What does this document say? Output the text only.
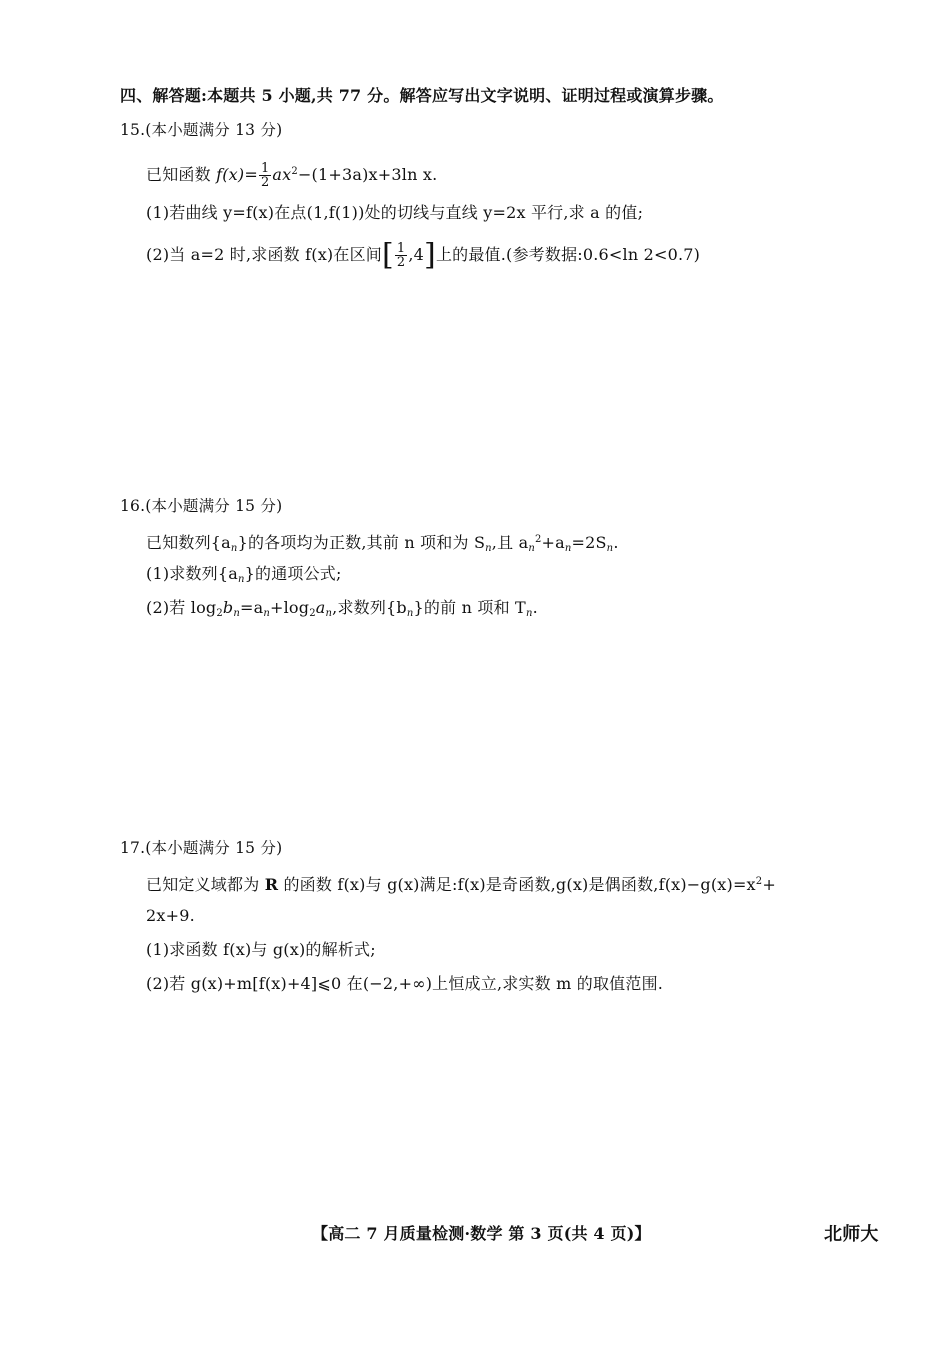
四、解答题:本题共 5 小题,共 77 分。解答应写出文字说明、证明过程或演算步骤。
15.(本小题满分 13 分)
已知函数 $f(x)= \frac{1}{2} ax^2-(1+3a)x+3\ln$ x.
(1)若曲线 y=f(x)在点(1,f(1))处的切线与直线 y=2x 平行,求 a 的值;
(2)当 a=2 时,求函数 f(x)在区间[ $\frac{1}{2} ,4$]上的最值.(参考数据:0.6<ln 2<0.7)
16.(本小题满分 15 分)
已知数列$\{a_n\}$的各项均为正数,其前 n 项和为 $S_n$,且 $a_n^2+a_n=2S_n$.
(1)求数列$\{a_n\}$的通项公式;
(2)若 $\log_2b_n=a_n+\log_2a_n$,求数列$\{b_n\}$的前 n 项和 $T_n$.
17.(本小题满分 15 分)
已知定义域都为 R 的函数 f(x)与 g(x)满足:f(x)是奇函数,g(x)是偶函数$,f(x)-g(x)=x^2+$
2x+9.
(1)求函数 f(x)与 g(x)的解析式;
(2)若 g(x)+m[f(x)+4]⩽0 在(−2,+∞)上恒成立,求实数 m 的取值范围.
【高二 7 月质量检测·数学 第 3 页(共 4 页)】	北师大
